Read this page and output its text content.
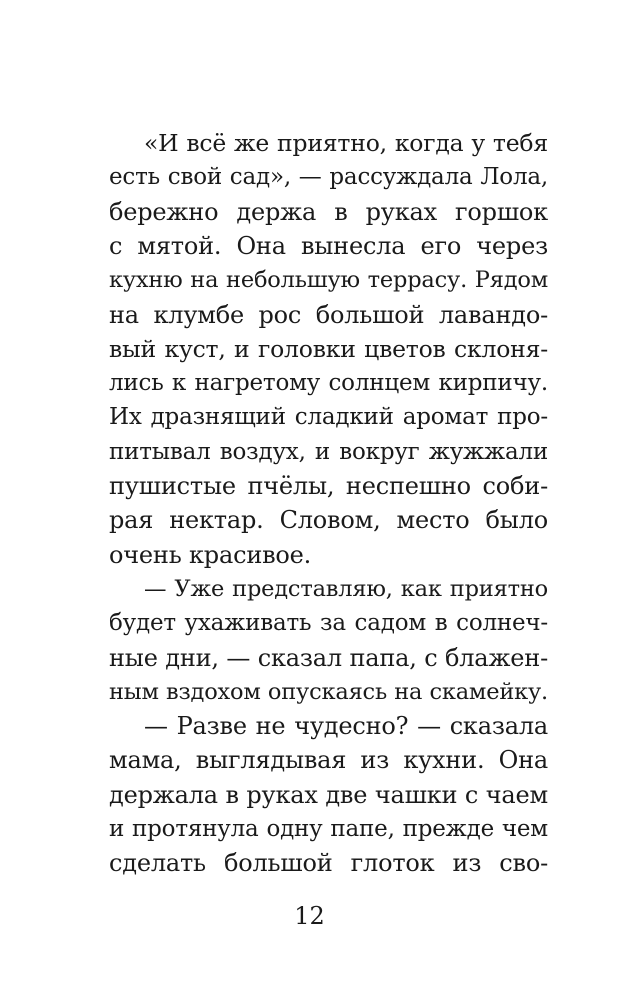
«И всё же приятно, когда у тебя
есть свой сад», — рассуждала Лола,
бережно держа в руках горшок
с мятой. Она вынесла его через
кухню на небольшую террасу. Рядом
на клумбе рос большой лавандо-
вый куст, и головки цветов склоня-
лись к нагретому солнцем кирпичу.
Их дразнящий сладкий аромат про-
питывал воздух, и вокруг жужжали
пушистые пчёлы, неспешно соби-
рая нектар. Словом, место было
очень красивое.
— Уже представляю, как приятно
будет ухаживать за садом в солнеч-
ные дни, — сказал папа, с блажен-
ным вздохом опускаясь на скамейку.
— Разве не чудесно? — сказала
мама, выглядывая из кухни. Она
держала в руках две чашки с чаем
и протянула одну папе, прежде чем
сделать большой глоток из сво-
12
